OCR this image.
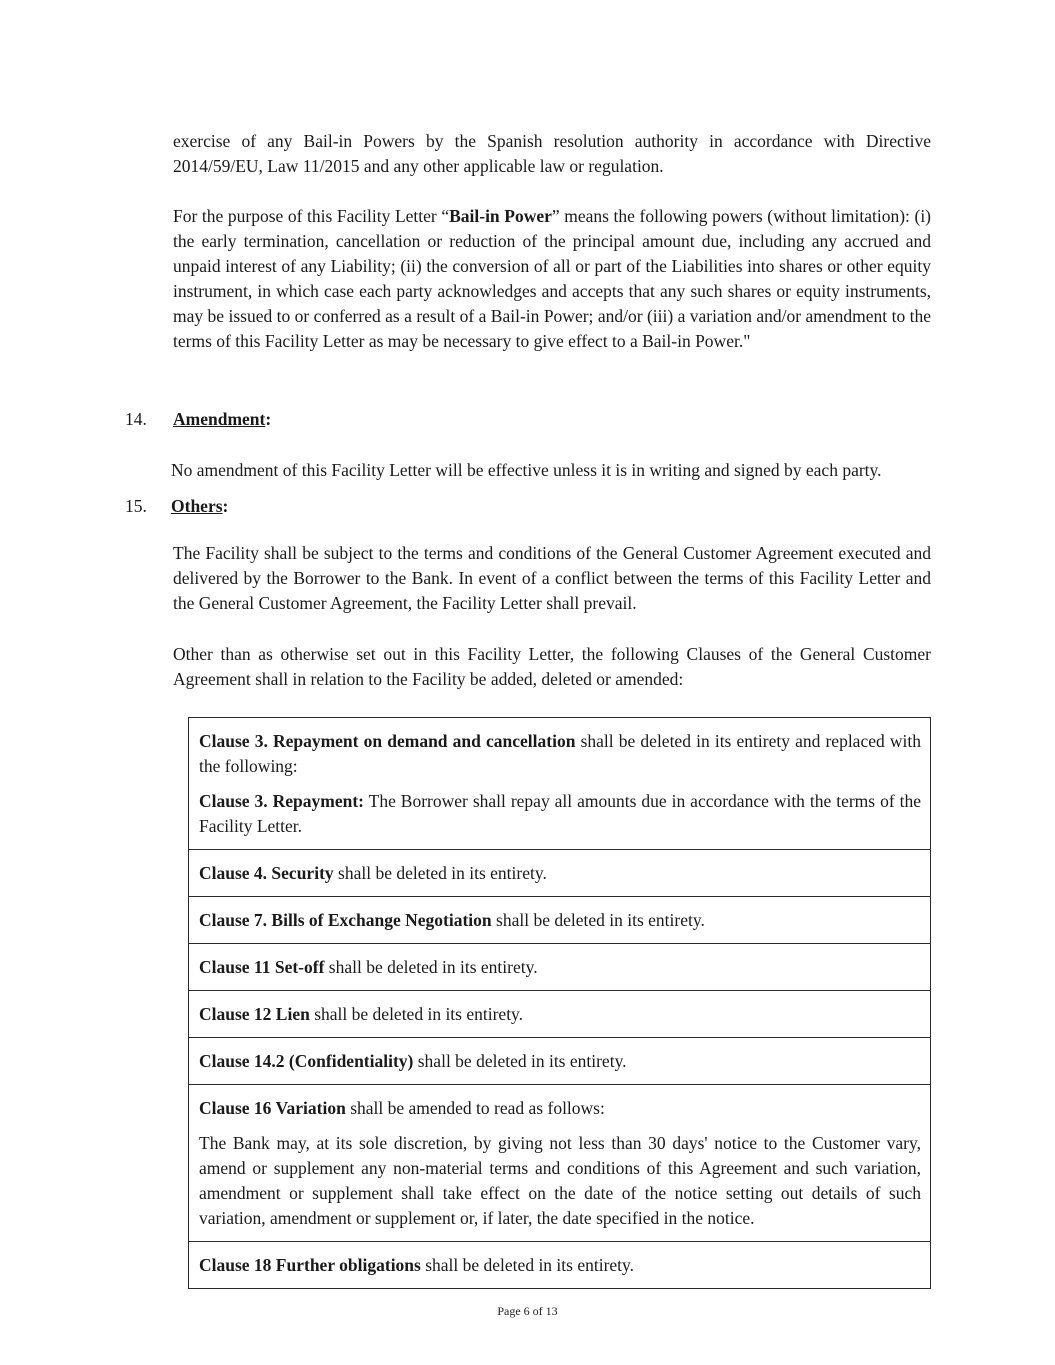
exercise of any Bail-in Powers by the Spanish resolution authority in accordance with Directive 2014/59/EU, Law 11/2015 and any other applicable law or regulation.

For the purpose of this Facility Letter “Bail-in Power” means the following powers (without limitation): (i) the early termination, cancellation or reduction of the principal amount due, including any accrued and unpaid interest of any Liability; (ii) the conversion of all or part of the Liabilities into shares or other equity instrument, in which case each party acknowledges and accepts that any such shares or equity instruments, may be issued to or conferred as a result of a Bail-in Power; and/or (iii) a variation and/or amendment to the terms of this Facility Letter as may be necessary to give effect to a Bail-in Power."

14. Amendment:

No amendment of this Facility Letter will be effective unless it is in writing and signed by each party.

15. Others:

The Facility shall be subject to the terms and conditions of the General Customer Agreement executed and delivered by the Borrower to the Bank. In event of a conflict between the terms of this Facility Letter and the General Customer Agreement, the Facility Letter shall prevail.

Other than as otherwise set out in this Facility Letter, the following Clauses of the General Customer Agreement shall in relation to the Facility be added, deleted or amended:

Clause 3. Repayment on demand and cancellation shall be deleted in its entirety and replaced with the following:

Clause 3. Repayment: The Borrower shall repay all amounts due in accordance with the terms of the Facility Letter.

Clause 4. Security shall be deleted in its entirety.

Clause 7. Bills of Exchange Negotiation shall be deleted in its entirety.

Clause 11 Set-off shall be deleted in its entirety.

Clause 12 Lien shall be deleted in its entirety.

Clause 14.2 (Confidentiality) shall be deleted in its entirety.

Clause 16 Variation shall be amended to read as follows:

The Bank may, at its sole discretion, by giving not less than 30 days' notice to the Customer vary, amend or supplement any non-material terms and conditions of this Agreement and such variation, amendment or supplement shall take effect on the date of the notice setting out details of such variation, amendment or supplement or, if later, the date specified in the notice.

Clause 18 Further obligations shall be deleted in its entirety.

Page 6 of 13
